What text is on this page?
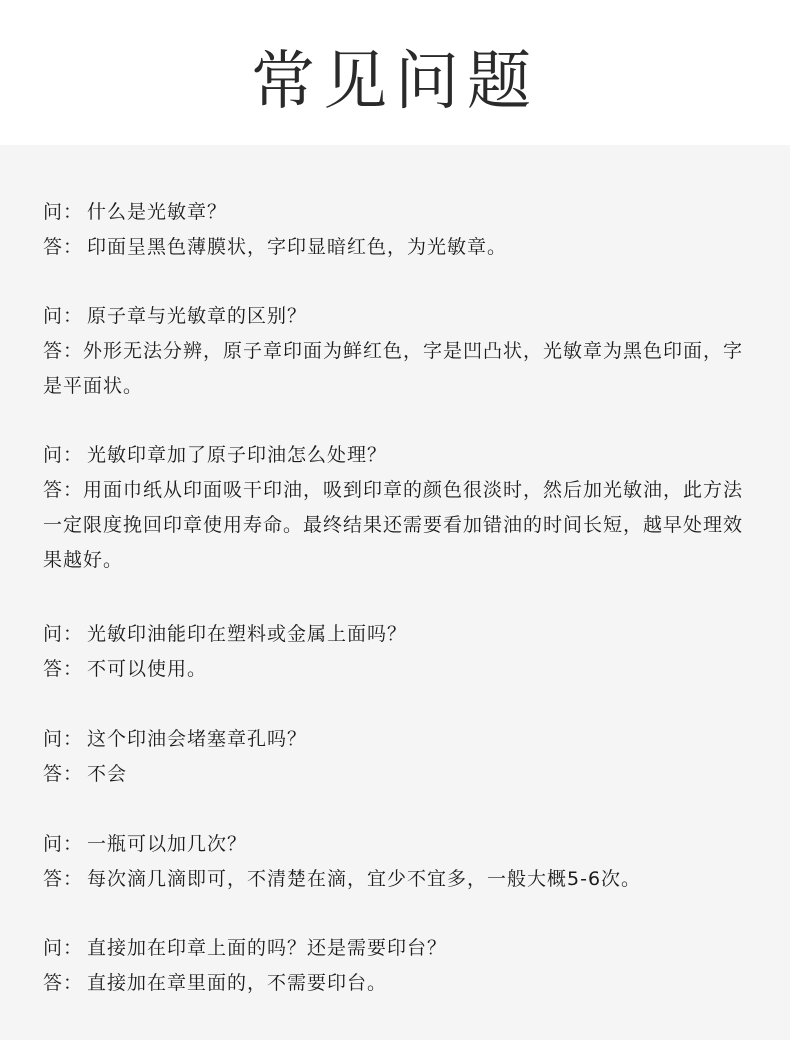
常见问题
问： 什么是光敏章？
答： 印面呈黑色薄膜状，字印显暗红色，为光敏章。
问： 原子章与光敏章的区别？
答：外形无法分辨，原子章印面为鲜红色，字是凹凸状，光敏章为黑色印面，字是平面状。
问： 光敏印章加了原子印油怎么处理？
答：用面巾纸从印面吸干印油，吸到印章的颜色很淡时，然后加光敏油，此方法一定限度挽回印章使用寿命。最终结果还需要看加错油的时间长短，越早处理效果越好。
问： 光敏印油能印在塑料或金属上面吗？
答： 不可以使用。
问： 这个印油会堵塞章孔吗？
答： 不会
问： 一瓶可以加几次？
答： 每次滴几滴即可，不清楚在滴，宜少不宜多，一般大概5-6次。
问： 直接加在印章上面的吗？还是需要印台？
答： 直接加在章里面的，不需要印台。
